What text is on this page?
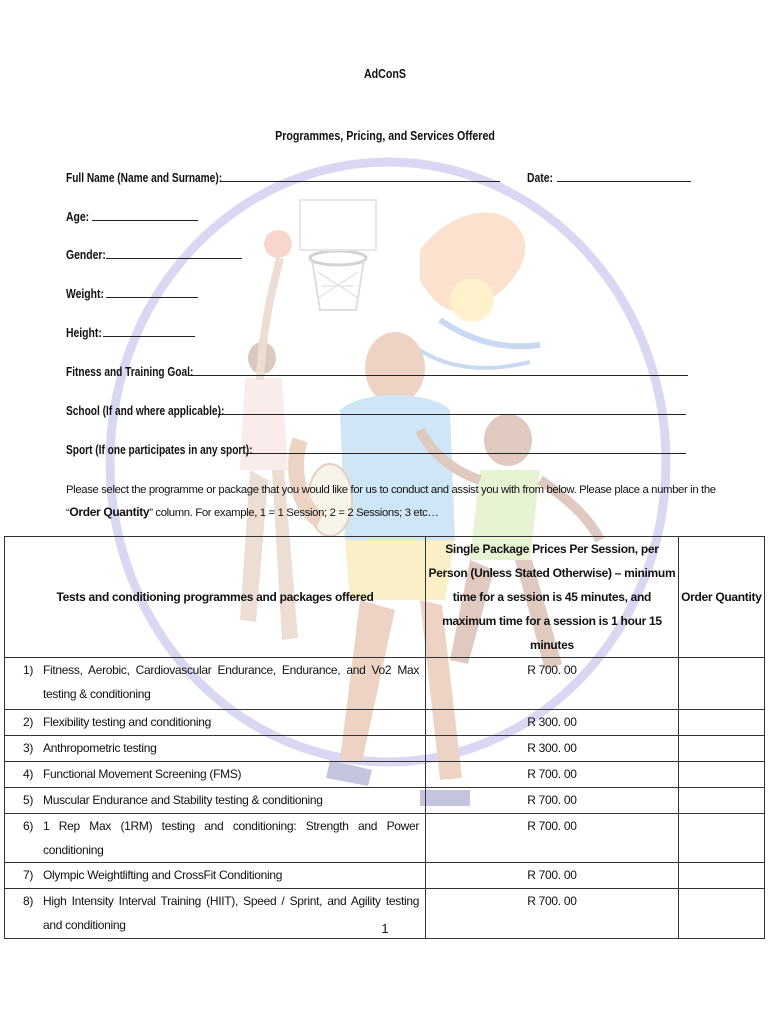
AdConS
Programmes, Pricing, and Services Offered
Full Name (Name and Surname):	Date:
Age:
Gender:
Weight:
Height:
Fitness and Training Goal:
School (If and where applicable):
Sport (If one participates in any sport):
Please select the programme or package that you would like for us to conduct and assist you with from below. Please place a number in the “Order Quantity” column. For example, 1 = 1 Session; 2 = 2 Sessions; 3 etc…
Tests and conditioning programmes and packages offered	Single Package Prices Per Session, per Person (Unless Stated Otherwise) – minimum time for a session is 45 minutes, and maximum time for a session is 1 hour 15 minutes	Order Quantity

1) Fitness, Aerobic, Cardiovascular Endurance, Endurance, and Vo2 Max testing & conditioning	R 700. 00	

2) Flexibility testing and conditioning	R 300. 00	

3) Anthropometric testing	R 300. 00	

4) Functional Movement Screening (FMS)	R 700. 00	

5) Muscular Endurance and Stability testing & conditioning	R 700. 00	

6) 1 Rep Max (1RM) testing and conditioning: Strength and Power conditioning	R 700. 00	

7) Olympic Weightlifting and CrossFit Conditioning	R 700. 00	

8) High Intensity Interval Training (HIIT), Speed / Sprint, and Agility testing and conditioning	R 700. 00	
1
